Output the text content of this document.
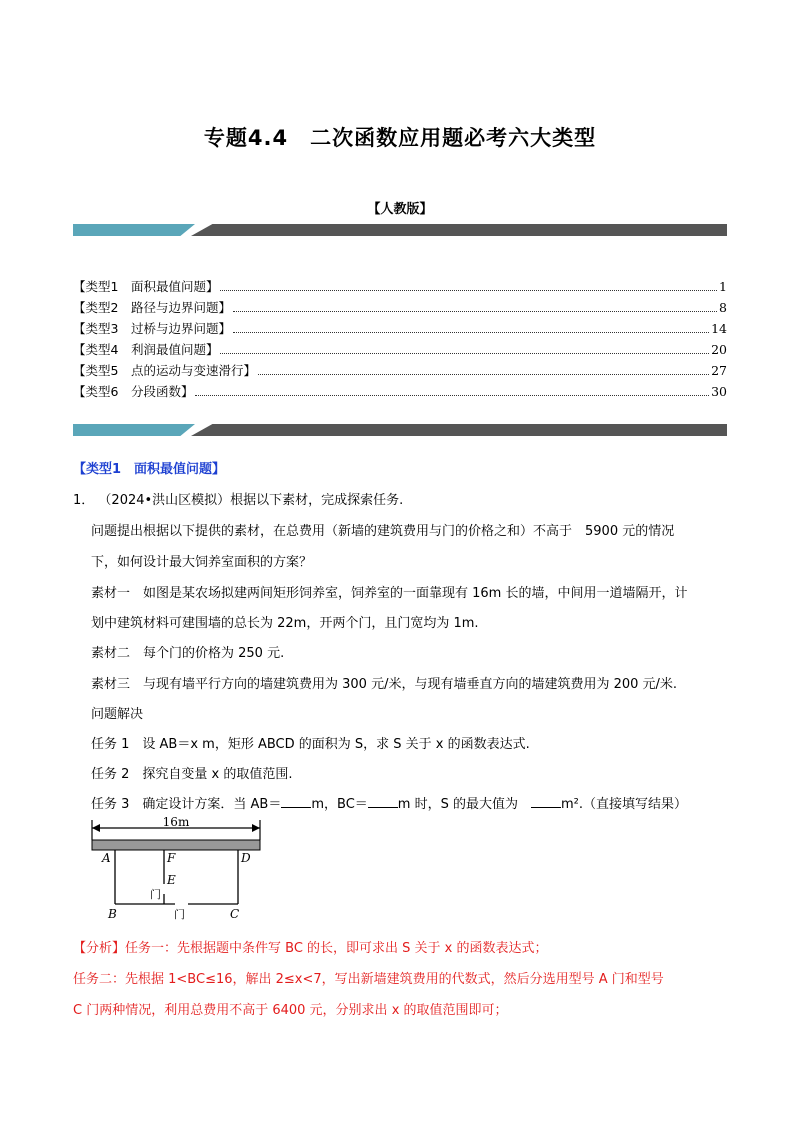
专题4.4　二次函数应用题必考六大类型
【人教版】
【类型1　面积最值问题】	1
【类型2　路径与边界问题】	8
【类型3　过桥与边界问题】	14
【类型4　利润最值问题】	20
【类型5　点的运动与变速滑行】	27
【类型6　分段函数】	30
【类型1　面积最值问题】
1． （2024•洪山区模拟）根据以下素材，完成探索任务.
问题提出根据以下提供的素材，在总费用（新墙的建筑费用与门的价格之和）不高于　5900 元的情况
下，如何设计最大饲养室面积的方案？
素材一　如图是某农场拟建两间矩形饲养室，饲养室的一面靠现有 16m 长的墙，中间用一道墙隔开，计
划中建筑材料可建围墙的总长为 22m，开两个门，且门宽均为 1m.
素材二　每个门的价格为 250 元.
素材三　与现有墙平行方向的墙建筑费用为 300 元/米，与现有墙垂直方向的墙建筑费用为 200 元/米.
问题解决
任务 1　设 AB＝x m，矩形 ABCD 的面积为 S，求 S 关于 x 的函数表达式.
任务 2　探究自变量 x 的取值范围.
任务 3　确定设计方案．当 AB＝ m，BC＝ m 时，S 的最大值为　m².（直接填写结果）
【分析】任务一：先根据题中条件写 BC 的长，即可求出 S 关于 x 的函数表达式；
任务二：先根据 1<BC≤16，解出 2≤x<7，写出新墙建筑费用的代数式，然后分选用型号 A 门和型号
C 门两种情况，利用总费用不高于 6400 元，分别求出 x 的取值范围即可；
16m
A	F	D
E
门
门
B	C
